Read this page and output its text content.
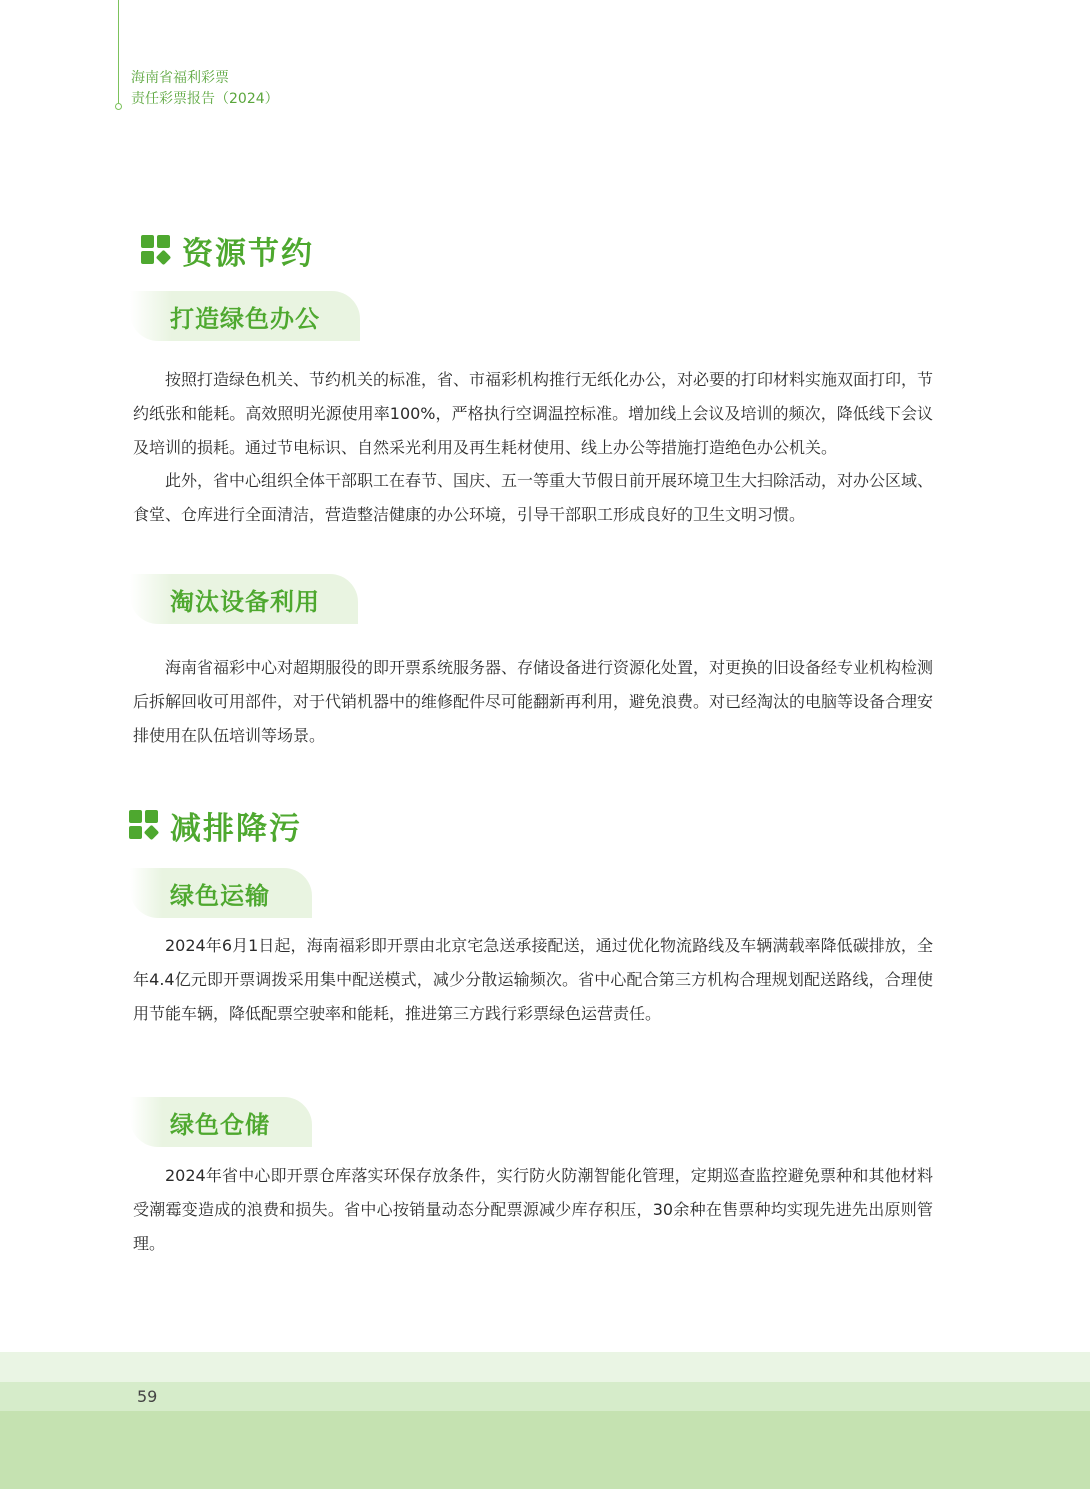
海南省福利彩票
责任彩票报告（2024）
资源节约
打造绿色办公

按照打造绿色机关、节约机关的标准，省、市福彩机构推行无纸化办公，对必要的打印材料实施双面打印，节约纸张和能耗。高效照明光源使用率100%，严格执行空调温控标准。增加线上会议及培训的频次，降低线下会议及培训的损耗。通过节电标识、自然采光利用及再生耗材使用、线上办公等措施打造绝色办公机关。

此外，省中心组织全体干部职工在春节、国庆、五一等重大节假日前开展环境卫生大扫除活动，对办公区域、食堂、仓库进行全面清洁，营造整洁健康的办公环境，引导干部职工形成良好的卫生文明习惯。

淘汰设备利用

海南省福彩中心对超期服役的即开票系统服务器、存储设备进行资源化处置，对更换的旧设备经专业机构检测后拆解回收可用部件，对于代销机器中的维修配件尽可能翻新再利用，避免浪费。对已经淘汰的电脑等设备合理安排使用在队伍培训等场景。

减排降污
绿色运输

2024年6月1日起，海南福彩即开票由北京宅急送承接配送，通过优化物流路线及车辆满载率降低碳排放，全年4.4亿元即开票调拨采用集中配送模式，减少分散运输频次。省中心配合第三方机构合理规划配送路线，合理使用节能车辆，降低配票空驶率和能耗，推进第三方践行彩票绿色运营责任。

绿色仓储

2024年省中心即开票仓库落实环保存放条件，实行防火防潮智能化管理，定期巡查监控避免票种和其他材料受潮霉变造成的浪费和损失。省中心按销量动态分配票源减少库存积压，30余种在售票种均实现先进先出原则管理。

59
